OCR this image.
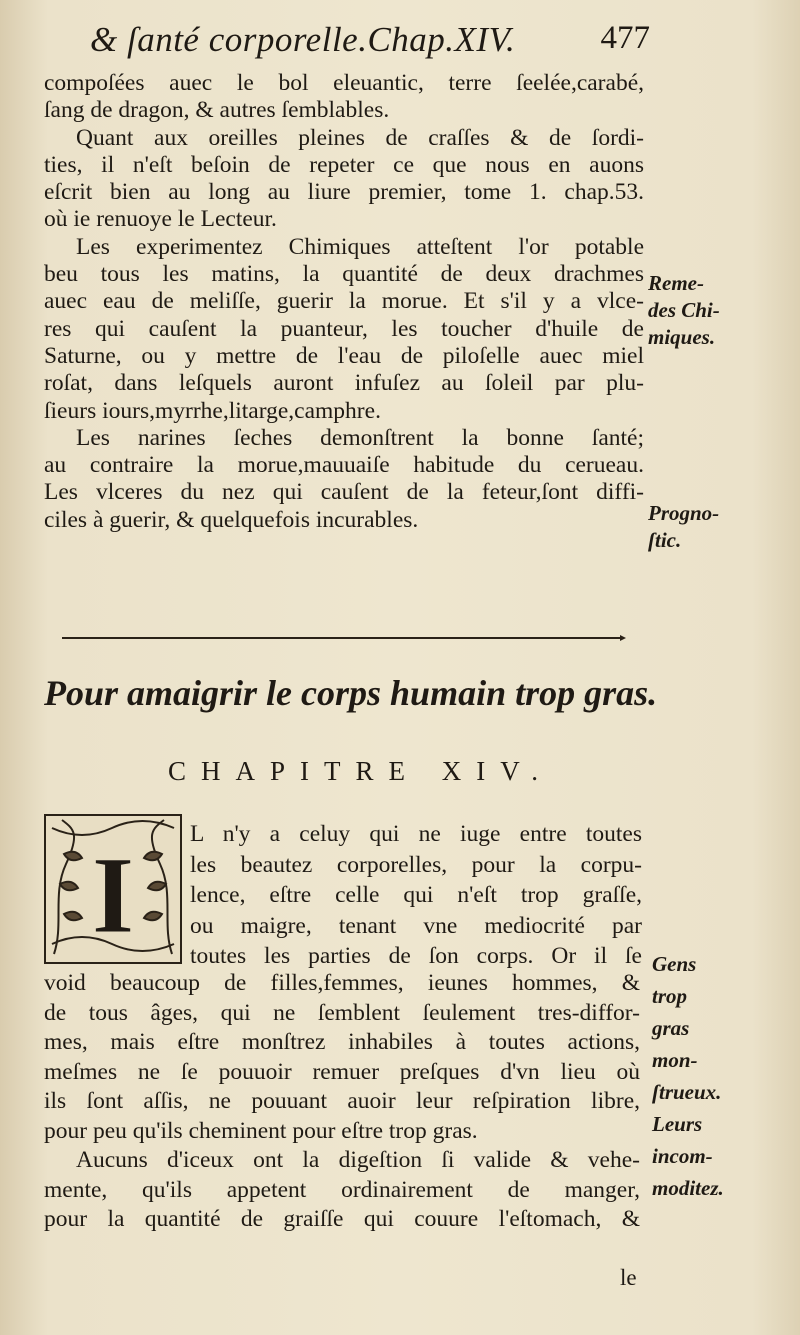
& ſanté corporelle.Chap.XIV.	477
compoſées auec le bol eleuantic, terre ſeelée,carabé,
ſang de dragon, & autres ſemblables.
Quant aux oreilles pleines de craſſes & de ſordi-
ties, il n'eſt beſoin de repeter ce que nous en auons
eſcrit bien au long au liure premier, tome 1. chap.53.
où ie renuoye le Lecteur.
Les experimentez Chimiques atteſtent l'or potable
beu tous les matins, la quantité de deux drachmes
auec eau de meliſſe, guerir la morue. Et s'il y a vlce-
res qui cauſent la puanteur, les toucher d'huile de
Saturne, ou y mettre de l'eau de piloſelle auec miel
roſat, dans leſquels auront infuſez au ſoleil par plu-
ſieurs iours,myrrhe,litarge,camphre.
Les narines ſeches demonſtrent la bonne ſanté;
au contraire la morue,mauuaiſe habitude du cerueau.
Les vlceres du nez qui cauſent de la feteur,ſont diffi-
ciles à guerir, & quelquefois incurables.
Reme-
des Chi-
miques.
Progno-
ſtic.
Pour amaigrir le corps humain trop gras.
CHAPITRE XIV.
I L n'y a celuy qui ne iuge entre toutes
les beautez corporelles, pour la corpu-
lence, eſtre celle qui n'eſt trop graſſe,
ou maigre, tenant vne mediocrité par
toutes les parties de ſon corps. Or il ſe
void beaucoup de filles,femmes, ieunes hommes, &
de tous âges, qui ne ſemblent ſeulement tres-diffor-
mes, mais eſtre monſtrez inhabiles à toutes actions,
meſmes ne ſe pouuoir remuer preſques d'vn lieu où
ils ſont aſſis, ne pouuant auoir leur reſpiration libre,
pour peu qu'ils cheminent pour eſtre trop gras.
Aucuns d'iceux ont la digeſtion ſi valide & vehe-
mente, qu'ils appetent ordinairement de manger,
pour la quantité de graiſſe qui couure l'eſtomach, &
Gens
trop
gras
mon-
ſtrueux.
Leurs
incom-
moditez.
le
